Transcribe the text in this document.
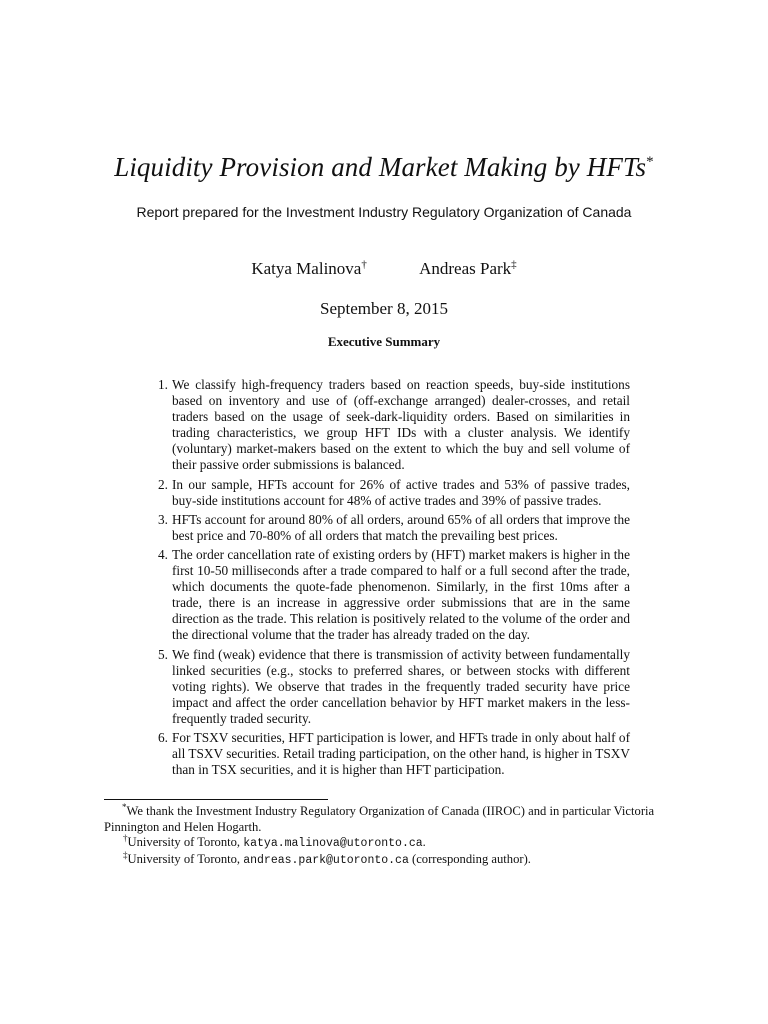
Liquidity Provision and Market Making by HFTs*
Report prepared for the Investment Industry Regulatory Organization of Canada
Katya Malinova†	Andreas Park‡
September 8, 2015
Executive Summary
1. We classify high-frequency traders based on reaction speeds, buy-side institutions based on inventory and use of (off-exchange arranged) dealer-crosses, and retail traders based on the usage of seek-dark-liquidity orders. Based on similarities in trading characteristics, we group HFT IDs with a cluster analysis. We identify (voluntary) market-makers based on the extent to which the buy and sell volume of their passive order submissions is balanced.
2. In our sample, HFTs account for 26% of active trades and 53% of passive trades, buy-side institutions account for 48% of active trades and 39% of passive trades.
3. HFTs account for around 80% of all orders, around 65% of all orders that improve the best price and 70-80% of all orders that match the prevailing best prices.
4. The order cancellation rate of existing orders by (HFT) market makers is higher in the first 10-50 milliseconds after a trade compared to half or a full second after the trade, which documents the quote-fade phenomenon. Similarly, in the first 10ms after a trade, there is an increase in aggressive order submissions that are in the same direction as the trade. This relation is positively related to the volume of the order and the directional volume that the trader has already traded on the day.
5. We find (weak) evidence that there is transmission of activity between fundamentally linked securities (e.g., stocks to preferred shares, or between stocks with different voting rights). We observe that trades in the frequently traded security have price impact and affect the order cancellation behavior by HFT market makers in the less-frequently traded security.
6. For TSXV securities, HFT participation is lower, and HFTs trade in only about half of all TSXV securities. Retail trading participation, on the other hand, is higher in TSXV than in TSX securities, and it is higher than HFT participation.
*We thank the Investment Industry Regulatory Organization of Canada (IIROC) and in particular Victoria Pinnington and Helen Hogarth.
†University of Toronto, katya.malinova@utoronto.ca.
‡University of Toronto, andreas.park@utoronto.ca (corresponding author).
